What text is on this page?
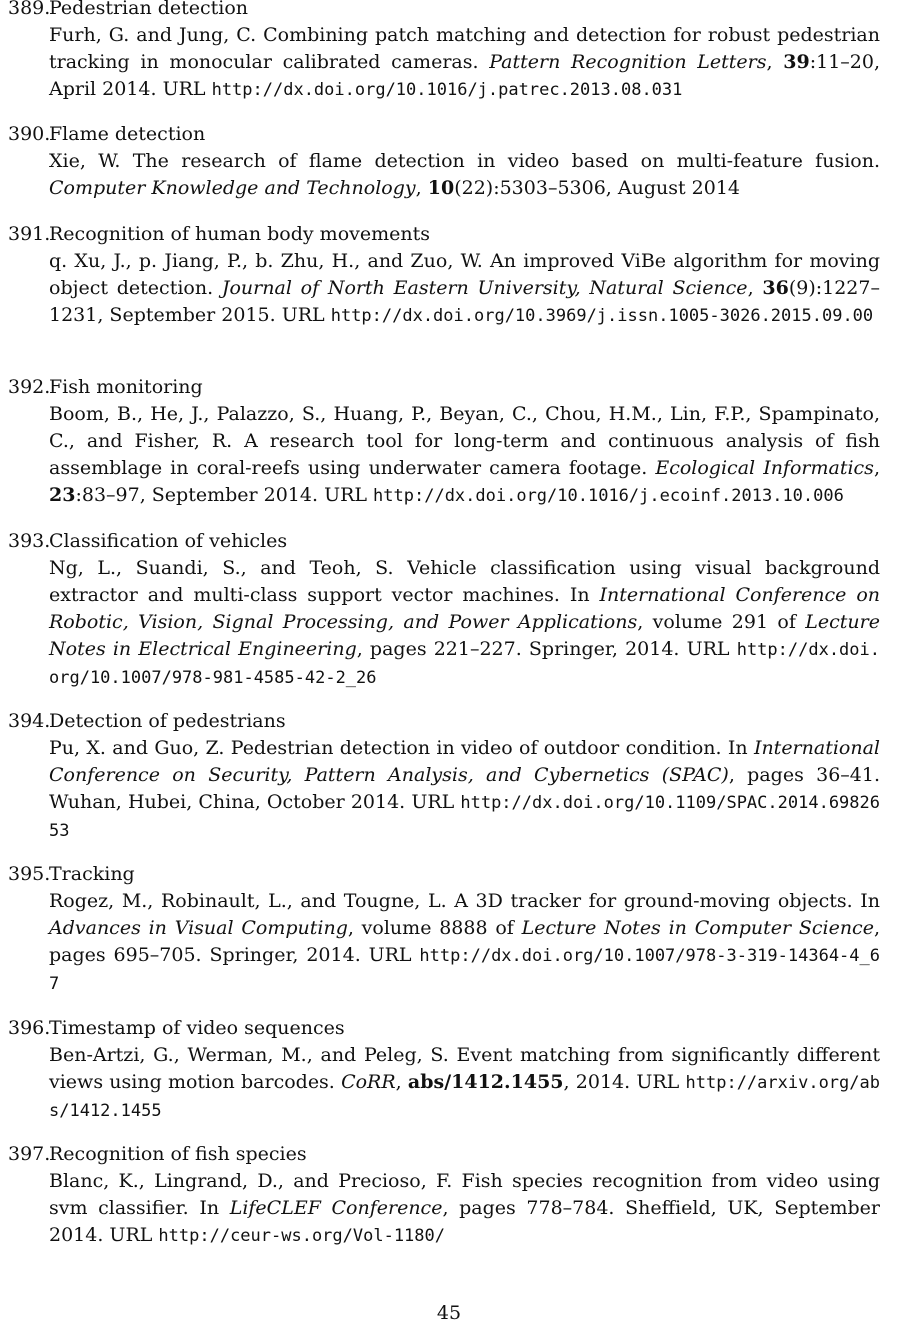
389.
Pedestrian detection
Furh, G. and Jung, C. Combining patch matching and detection for robust pedestrian tracking in monocular calibrated cameras. Pattern Recognition Letters, 39:11–20, April 2014. URL http://dx.doi.org/10.1016/j.patrec.2013.08.031
390.
Flame detection
Xie, W. The research of flame detection in video based on multi-feature fusion. Computer Knowledge and Technology, 10(22):5303–5306, August 2014
391.
Recognition of human body movements
q. Xu, J., p. Jiang, P., b. Zhu, H., and Zuo, W. An improved ViBe algorithm for moving object detection. Journal of North Eastern University, Natural Science, 36(9):1227–1231, September 2015. URL http://dx.doi.org/10.3969/j.issn.1005-3026.2015.09.00
392.
Fish monitoring
Boom, B., He, J., Palazzo, S., Huang, P., Beyan, C., Chou, H.M., Lin, F.P., Spampinato, C., and Fisher, R. A research tool for long-term and continuous analysis of fish assemblage in coral-reefs using underwater camera footage. Ecological Informatics, 23:83–97, September 2014. URL http://dx.doi.org/10.1016/j.ecoinf.2013.10.006
393.
Classification of vehicles
Ng, L., Suandi, S., and Teoh, S. Vehicle classification using visual background extractor and multi-class support vector machines. In International Conference on Robotic, Vision, Signal Processing, and Power Applications, volume 291 of Lecture Notes in Electrical Engineering, pages 221–227. Springer, 2014. URL http://dx.doi.org/10.1007/978-981-4585-42-2_26
394.
Detection of pedestrians
Pu, X. and Guo, Z. Pedestrian detection in video of outdoor condition. In International Conference on Security, Pattern Analysis, and Cybernetics (SPAC), pages 36–41. Wuhan, Hubei, China, October 2014. URL http://dx.doi.org/10.1109/SPAC.2014.6982653
395.
Tracking
Rogez, M., Robinault, L., and Tougne, L. A 3D tracker for ground-moving objects. In Advances in Visual Computing, volume 8888 of Lecture Notes in Computer Science, pages 695–705. Springer, 2014. URL http://dx.doi.org/10.1007/978-3-319-14364-4_67
396.
Timestamp of video sequences
Ben-Artzi, G., Werman, M., and Peleg, S. Event matching from significantly different views using motion barcodes. CoRR, abs/1412.1455, 2014. URL http://arxiv.org/abs/1412.1455
397.
Recognition of fish species
Blanc, K., Lingrand, D., and Precioso, F. Fish species recognition from video using svm classifier. In LifeCLEF Conference, pages 778–784. Sheffield, UK, September 2014. URL http://ceur-ws.org/Vol-1180/
45
